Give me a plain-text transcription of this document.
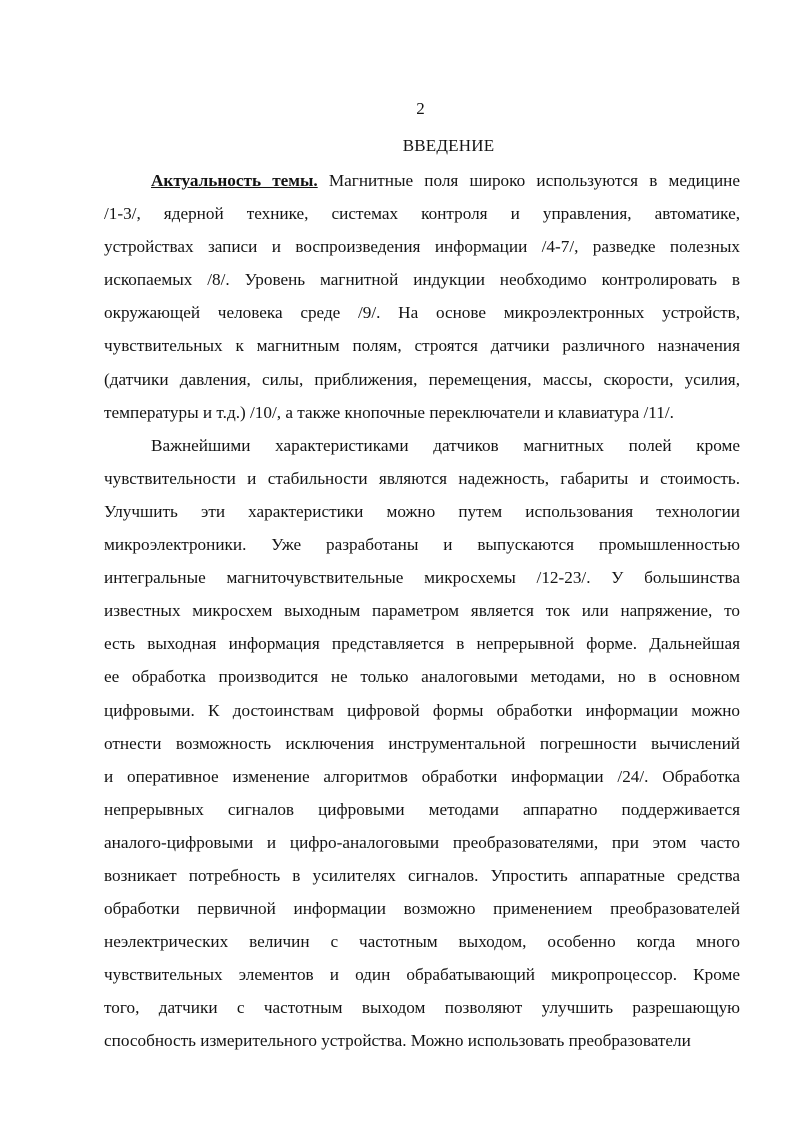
2
ВВЕДЕНИЕ
Актуальность темы. Магнитные поля широко используются в медицине
/1-3/, ядерной технике, системах контроля и управления, автоматике,
устройствах записи и воспроизведения информации /4-7/, разведке полезных
ископаемых /8/. Уровень магнитной индукции необходимо контролировать в
окружающей человека среде /9/. На основе микроэлектронных устройств,
чувствительных к магнитным полям, строятся датчики различного назначения
(датчики давления, силы, приближения, перемещения, массы, скорости, усилия,
температуры и т.д.) /10/, а также кнопочные переключатели и клавиатура /11/.
Важнейшими характеристиками датчиков магнитных полей кроме
чувствительности и стабильности являются надежность, габариты и стоимость.
Улучшить эти характеристики можно путем использования технологии
микроэлектроники. Уже разработаны и выпускаются промышленностью
интегральные магниточувствительные микросхемы /12-23/. У большинства
известных микросхем выходным параметром является ток или напряжение, то
есть выходная информация представляется в непрерывной форме. Дальнейшая
ее обработка производится не только аналоговыми методами, но в основном
цифровыми. К достоинствам цифровой формы обработки информации можно
отнести возможность исключения инструментальной погрешности вычислений
и оперативное изменение алгоритмов обработки информации /24/. Обработка
непрерывных сигналов цифровыми методами аппаратно поддерживается
аналого-цифровыми и цифро-аналоговыми преобразователями, при этом часто
возникает потребность в усилителях сигналов. Упростить аппаратные средства
обработки первичной информации возможно применением преобразователей
неэлектрических величин с частотным выходом, особенно когда много
чувствительных элементов и один обрабатывающий микропроцессор. Кроме
того, датчики с частотным выходом позволяют улучшить разрешающую
способность измерительного устройства. Можно использовать преобразователи
